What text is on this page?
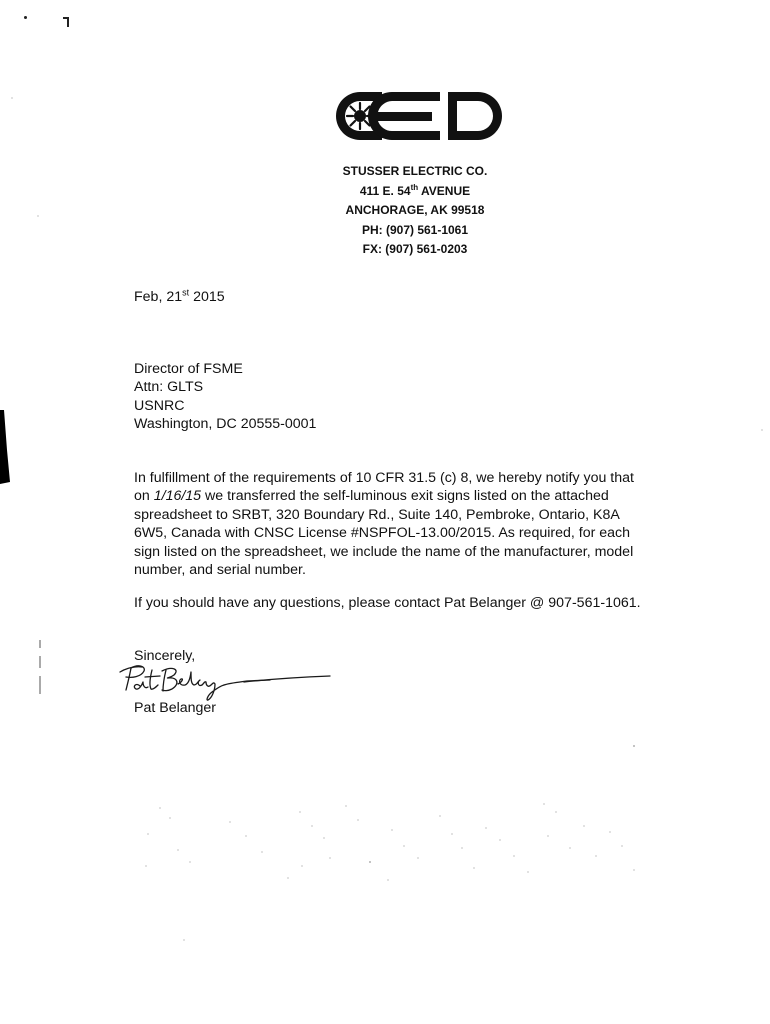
STUSSER ELECTRIC CO.
411 E. 54th AVENUE
ANCHORAGE, AK 99518
PH: (907) 561-1061
FX: (907) 561-0203
Feb, 21st 2015
Director of FSME
Attn: GLTS
USNRC
Washington, DC 20555-0001
In fulfillment of the requirements of 10 CFR 31.5 (c) 8, we hereby notify you that
on 1/16/15 we transferred the self-luminous exit signs listed on the attached
spreadsheet to SRBT, 320 Boundary Rd., Suite 140, Pembroke, Ontario, K8A
6W5, Canada with CNSC License #NSPFOL-13.00/2015. As required, for each
sign listed on the spreadsheet, we include the name of the manufacturer, model
number, and serial number.
If you should have any questions, please contact Pat Belanger @ 907-561-1061.
Sincerely,
Pat Belanger
